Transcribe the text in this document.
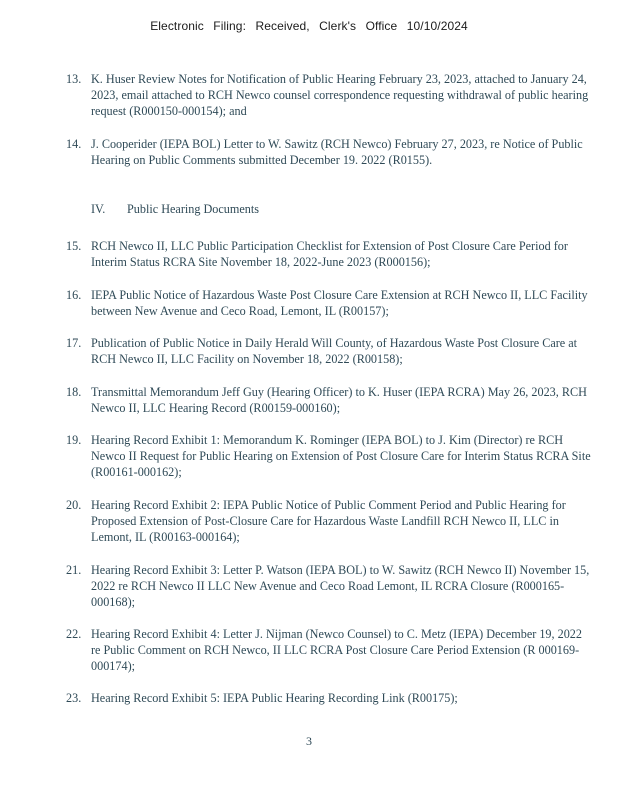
Electronic Filing: Received, Clerk's Office 10/10/2024
13. K. Huser Review Notes for Notification of Public Hearing February 23, 2023, attached to January 24, 2023, email attached to RCH Newco counsel correspondence requesting withdrawal of public hearing request (R000150-000154); and
14. J. Cooperider (IEPA BOL) Letter to W. Sawitz (RCH Newco) February 27, 2023, re Notice of Public Hearing on Public Comments submitted December 19. 2022 (R0155).
IV. Public Hearing Documents
15. RCH Newco II, LLC Public Participation Checklist for Extension of Post Closure Care Period for Interim Status RCRA Site November 18, 2022-June 2023 (R000156);
16. IEPA Public Notice of Hazardous Waste Post Closure Care Extension at RCH Newco II, LLC Facility between New Avenue and Ceco Road, Lemont, IL (R00157);
17. Publication of Public Notice in Daily Herald Will County, of Hazardous Waste Post Closure Care at RCH Newco II, LLC Facility on November 18, 2022 (R00158);
18. Transmittal Memorandum Jeff Guy (Hearing Officer) to K. Huser (IEPA RCRA) May 26, 2023, RCH Newco II, LLC Hearing Record (R00159-000160);
19. Hearing Record Exhibit 1: Memorandum K. Rominger (IEPA BOL) to J. Kim (Director) re RCH Newco II Request for Public Hearing on Extension of Post Closure Care for Interim Status RCRA Site (R00161-000162);
20. Hearing Record Exhibit 2: IEPA Public Notice of Public Comment Period and Public Hearing for Proposed Extension of Post-Closure Care for Hazardous Waste Landfill RCH Newco II, LLC in Lemont, IL (R00163-000164);
21. Hearing Record Exhibit 3: Letter P. Watson (IEPA BOL) to W. Sawitz (RCH Newco II) November 15, 2022 re RCH Newco II LLC New Avenue and Ceco Road Lemont, IL RCRA Closure (R000165-000168);
22. Hearing Record Exhibit 4: Letter J. Nijman (Newco Counsel) to C. Metz (IEPA) December 19, 2022 re Public Comment on RCH Newco, II LLC RCRA Post Closure Care Period Extension (R 000169-000174);
23. Hearing Record Exhibit 5: IEPA Public Hearing Recording Link (R00175);
3
